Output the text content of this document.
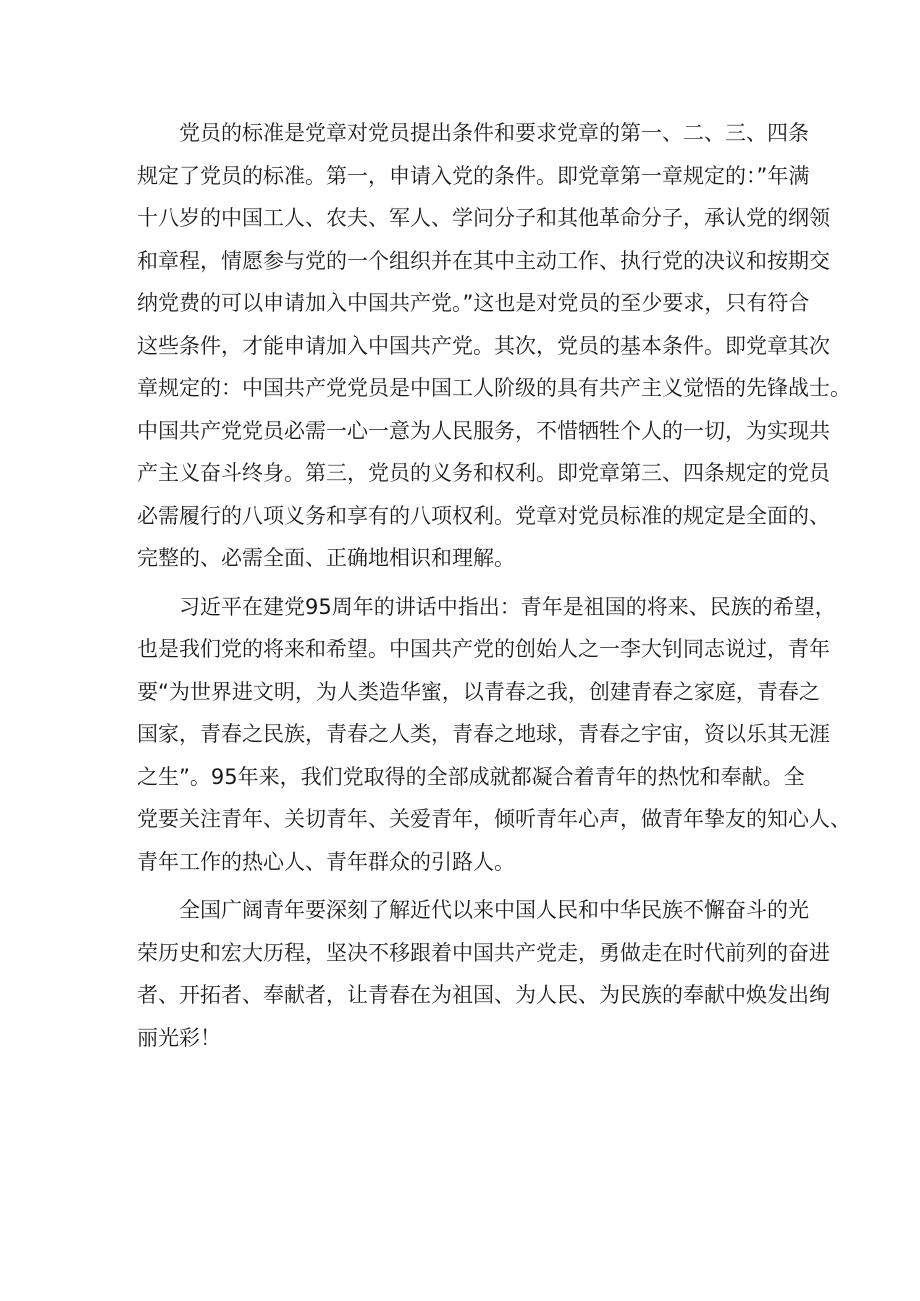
党员的标准是党章对党员提出条件和要求党章的第一、二、三、四条
规定了党员的标准。第一，申请入党的条件。即党章第一章规定的：”年满
十八岁的中国工人、农夫、军人、学问分子和其他革命分子，承认党的纲领
和章程，情愿参与党的一个组织并在其中主动工作、执行党的决议和按期交
纳党费的可以申请加入中国共产党。”这也是对党员的至少要求，只有符合
这些条件，才能申请加入中国共产党。其次，党员的基本条件。即党章其次
章规定的：中国共产党党员是中国工人阶级的具有共产主义觉悟的先锋战士。
中国共产党党员必需一心一意为人民服务，不惜牺牲个人的一切，为实现共
产主义奋斗终身。第三，党员的义务和权利。即党章第三、四条规定的党员
必需履行的八项义务和享有的八项权利。党章对党员标准的规定是全面的、
完整的、必需全面、正确地相识和理解。
习近平在建党95周年的讲话中指出：青年是祖国的将来、民族的希望，
也是我们党的将来和希望。中国共产党的创始人之一李大钊同志说过，青年
要“为世界进文明，为人类造华蜜，以青春之我，创建青春之家庭，青春之
国家，青春之民族，青春之人类，青春之地球，青春之宇宙，资以乐其无涯
之生”。95年来，我们党取得的全部成就都凝合着青年的热忱和奉献。全
党要关注青年、关切青年、关爱青年，倾听青年心声，做青年挚友的知心人、
青年工作的热心人、青年群众的引路人。
全国广阔青年要深刻了解近代以来中国人民和中华民族不懈奋斗的光
荣历史和宏大历程，坚决不移跟着中国共产党走，勇做走在时代前列的奋进
者、开拓者、奉献者，让青春在为祖国、为人民、为民族的奉献中焕发出绚
丽光彩！
